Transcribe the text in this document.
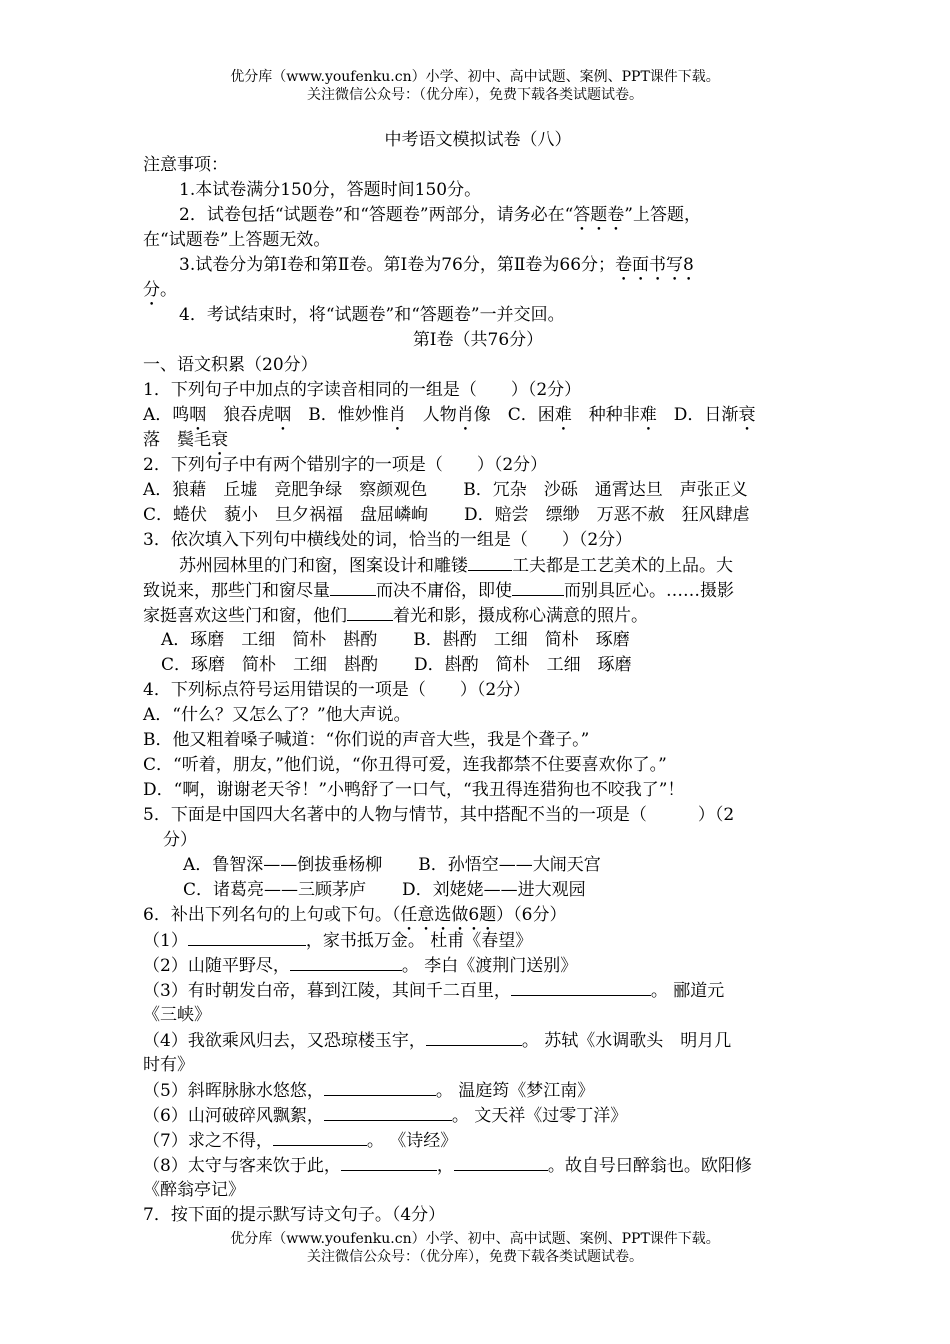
优分库（www.youfenku.cn）小学、初中、高中试题、案例、PPT课件下载。
关注微信公众号：（优分库），免费下载各类试题试卷。
中考语文模拟试卷（八）
注意事项：
1.本试卷满分150分，答题时间150分。
2．试卷包括“试题卷”和“答题卷”两部分，请务必在“答题卷”上答题，
在“试题卷”上答题无效。
3.试卷分为第Ⅰ卷和第Ⅱ卷。第Ⅰ卷为76分，第Ⅱ卷为66分；卷面书写8
分。
4．考试结束时，将“试题卷”和“答题卷”一并交回。
第Ⅰ卷（共76分）
一、语文积累（20分）
1．下列句子中加点的字读音相同的一组是（　　）（2分）
A．鸣咽　狼吞虎咽　B．惟妙惟肖　人物肖像　C．困难　种种非难　D．日渐衰
落　鬓毛衰
2．下列句子中有两个错别字的一项是（　　）（2分）
A．狼藉　丘墟　竞肥争绿　察颜观色 B．冗杂　沙砾　通霄达旦　声张正义
C．蜷伏　藐小　旦夕祸福　盘屈嶙峋 D．赔尝　缥缈　万恶不赦　狂风肆虐
3．依次填入下列句中横线处的词，恰当的一组是（　　）（2分）
苏州园林里的门和窗，图案设计和雕镂	工夫都是工艺美术的上品。大
致说来，那些门和窗尽量	而决不庸俗，即使	而别具匠心。……摄影
家挺喜欢这些门和窗，他们	着光和影，摄成称心满意的照片。
A．琢磨　工细　简朴　斟酌 B．斟酌　工细　简朴　琢磨
C．琢磨　简朴　工细　斟酌 D．斟酌　简朴　工细　琢磨
4．下列标点符号运用错误的一项是（　　）（2分）
A．“什么？又怎么了？”他大声说。
B．他又粗着嗓子喊道：“你们说的声音大些，我是个聋子。”
C．“听着，朋友，”他们说，“你丑得可爱，连我都禁不住要喜欢你了。”
D．“啊，谢谢老天爷！”小鸭舒了一口气，“我丑得连猎狗也不咬我了”！
5．下面是中国四大名著中的人物与情节，其中搭配不当的一项是（　　　）（2
分）
A．鲁智深——倒拔垂杨柳 B．孙悟空——大闹天宫
C．诸葛亮——三顾茅庐 D．刘姥姥——进大观园
6．补出下列名句的上句或下句。（任意选做6题）（6分）
（1）	，家书抵万金。 杜甫《春望》
（2）山随平野尽，	。 李白《渡荆门送别》
（3）有时朝发白帝，暮到江陵，其间千二百里，	。 郦道元
《三峡》
（4）我欲乘风归去，又恐琼楼玉宇，	。 苏轼《水调歌头　明月几
时有》
（5）斜晖脉脉水悠悠，	。 温庭筠《梦江南》
（6）山河破碎风飘絮，	。 文天祥《过零丁洋》
（7）求之不得，	。 《诗经》
（8）太守与客来饮于此，	，	。故自号曰醉翁也。欧阳修
《醉翁亭记》
7．按下面的提示默写诗文句子。（4分）
优分库（www.youfenku.cn）小学、初中、高中试题、案例、PPT课件下载。
关注微信公众号：（优分库），免费下载各类试题试卷。
